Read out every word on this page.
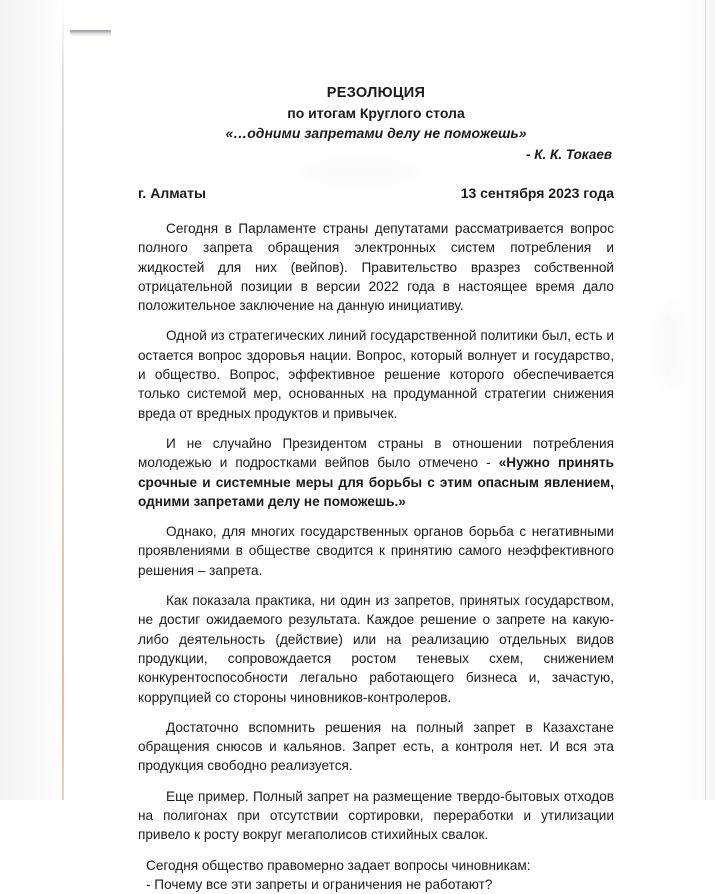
РЕЗОЛЮЦИЯ
по итогам Круглого стола
«…одними запретами делу не поможешь»
- К. К. Токаев
г. Алматы	13 сентября 2023 года

Сегодня в Парламенте страны депутатами рассматривается вопрос полного запрета обращения электронных систем потребления и жидкостей для них (вейпов). Правительство вразрез собственной отрицательной позиции в версии 2022 года в настоящее время дало положительное заключение на данную инициативу.

Одной из стратегических линий государственной политики был, есть и остается вопрос здоровья нации. Вопрос, который волнует и государство, и общество. Вопрос, эффективное решение которого обеспечивается только системой мер, основанных на продуманной стратегии снижения вреда от вредных продуктов и привычек.

И не случайно Президентом страны в отношении потребления молодежью и подростками вейпов было отмечено - «Нужно принять срочные и системные меры для борьбы с этим опасным явлением, одними запретами делу не поможешь.»

Однако, для многих государственных органов борьба с негативными проявлениями в обществе сводится к принятию самого неэффективного решения – запрета.

Как показала практика, ни один из запретов, принятых государством, не достиг ожидаемого результата. Каждое решение о запрете на какую-либо деятельность (действие) или на реализацию отдельных видов продукции, сопровождается ростом теневых схем, снижением конкурентоспособности легально работающего бизнеса и, зачастую, коррупцией со стороны чиновников-контролеров.

Достаточно вспомнить решения на полный запрет в Казахстане обращения снюсов и кальянов. Запрет есть, а контроля нет. И вся эта продукция свободно реализуется.

Еще пример. Полный запрет на размещение твердо-бытовых отходов на полигонах при отсутствии сортировки, переработки и утилизации привело к росту вокруг мегаполисов стихийных свалок.

Сегодня общество правомерно задает вопросы чиновникам:

- Почему все эти запреты и ограничения не работают?
